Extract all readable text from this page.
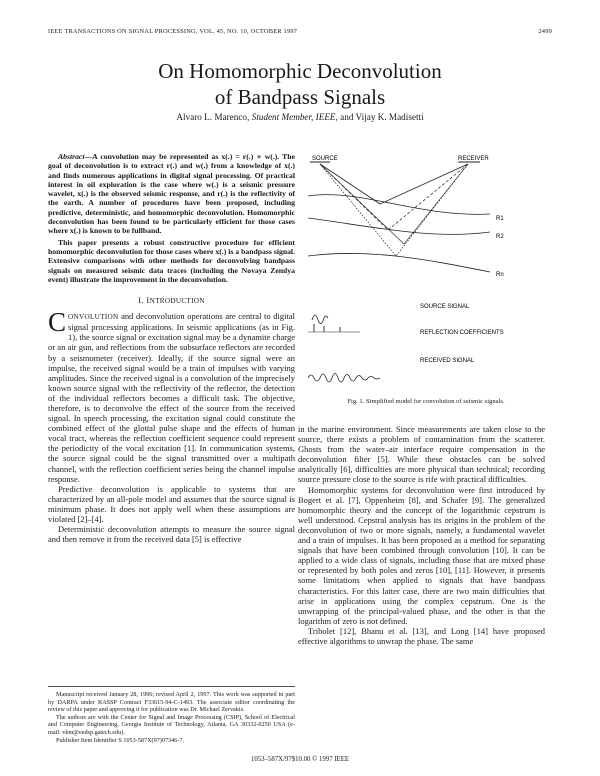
IEEE TRANSACTIONS ON SIGNAL PROCESSING, VOL. 45, NO. 10, OCTOBER 1997	2499
On Homomorphic Deconvolution
of Bandpass Signals
Alvaro L. Marenco, Student Member, IEEE, and Vijay K. Madisetti

Abstract—A convolution may be represented as x(.) = r(.) ∗ w(.). The goal of deconvolution is to extract r(.) and w(.) from a knowledge of x(.) and finds numerous applications in digital signal processing. Of practical interest in oil exploration is the case where w(.) is a seismic pressure wavelet, x(.) is the observed seismic response, and r(.) is the reflectivity of the earth. A number of procedures have been proposed, including predictive, deterministic, and homomorphic deconvolution. Homomorphic deconvolution has been found to be particularly efficient for those cases where x(.) is known to be fullband.

This paper presents a robust constructive procedure for efficient homomorphic deconvolution for those cases where x(.) is a bandpass signal. Extensive comparisons with other methods for deconvolving bandpass signals on measured seismic data traces (including the Novaya Zemlya event) illustrate the improvement in the deconvolution.

I. INTRODUCTION

CONVOLUTION and deconvolution operations are central to digital signal processing applications. In seismic applications (as in Fig. 1), the source signal or excitation signal may be a dynamite charge or an air gun, and reflections from the subsurface reflectors are recorded by a seismometer (receiver). Ideally, if the source signal were an impulse, the received signal would be a train of impulses with varying amplitudes. Since the received signal is a convolution of the imprecisely known source signal with the reflectivity of the reflector, the detection of the individual reflectors becomes a difficult task. The objective, therefore, is to deconvolve the effect of the source from the received signal. In speech processing, the excitation signal could constitute the combined effect of the glottal pulse shape and the effects of human vocal tract, whereas the reflection coefficient sequence could represent the periodicity of the vocal excitation [1]. In communication systems, the source signal could be the signal transmitted over a multipath channel, with the reflection coefficient series being the channel impulse response.

Predictive deconvolution is applicable to systems that are characterized by an all-pole model and assumes that the source signal is minimum phase. It does not apply well when these assumptions are violated [2]–[4].

Deterministic deconvolution attempts to measure the source signal and then remove it from the received data [5] is effective

Manuscript received January 28, 1996; revised April 2, 1997. This work was supported in part by DARPA under RASSP Contract F33615-94-C-1493. The associate editor coordinating the review of this paper and approving it for publication was Dr. Michael Zervakis.

The authors are with the Center for Signal and Image Processing (CSIP), School of Electrical and Computer Engineering, Georgia Institute of Technology, Atlanta, GA 30332-0250 USA (e-mail: vkm@eedsp.gatech.edu).

Publisher Item Identifier S 1053-587X(97)07346-7.

SOURCE	RECEIVER
R1
R2
Rn
SOURCE SIGNAL
REFLECTION COEFFICIENTS
RECEIVED SIGNAL
Fig. 1. Simplified model for convolution of seismic signals.

in the marine environment. Since measurements are taken close to the source, there exists a problem of contamination from the scatterer. Ghosts from the water–air interface require compensation in the deconvolution filter [5]. While these obstacles can be solved analytically [6], difficulties are more physical than technical; recording source pressure close to the source is rife with practical difficulties.

Homomorphic systems for deconvolution were first introduced by Bogert et al. [7], Oppenheim [8], and Schafer [9]. The generalized homomorphic theory and the concept of the logarithmic cepstrum is well understood. Cepstral analysis has its origins in the problem of the deconvolution of two or more signals, namely, a fundamental wavelet and a train of impulses. It has been proposed as a method for separating signals that have been combined through convolution [10]. It can be applied to a wide class of signals, including those that are mixed phase or represented by both poles and zeros [10], [11]. However, it presents some limitations when applied to signals that have bandpass characteristics. For this latter case, there are two main difficulties that arise in applications using the complex cepstrum. One is the unwrapping of the principal-valued phase, and the other is that the logarithm of zero is not defined.

Tribolet [12], Bhanu et al. [13], and Long [14] have proposed effective algorithms to unwrap the phase. The same

1053–587X/97$10.00 © 1997 IEEE
